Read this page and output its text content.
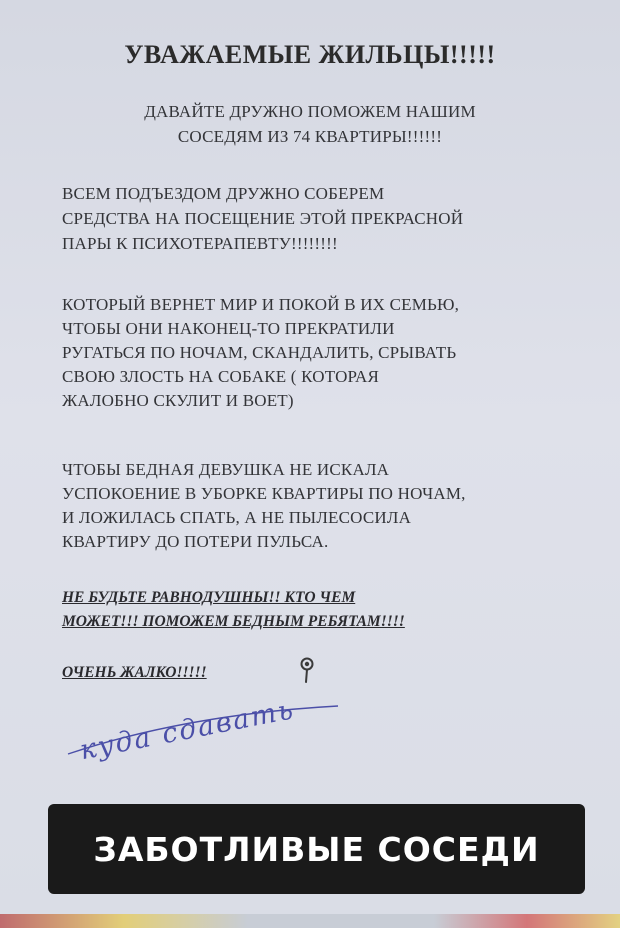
УВАЖАЕМЫЕ ЖИЛЬЦЫ!!!!!
ДАВАЙТЕ ДРУЖНО ПОМОЖЕМ НАШИМ
СОСЕДЯМ ИЗ 74 КВАРТИРЫ!!!!!!
ВСЕМ ПОДЪЕЗДОМ ДРУЖНО СОБЕРЕМ
СРЕДСТВА НА ПОСЕЩЕНИЕ ЭТОЙ ПРЕКРАСНОЙ
ПАРЫ К ПСИХОТЕРАПЕВТУ!!!!!!!!
КОТОРЫЙ ВЕРНЕТ МИР И ПОКОЙ В ИХ СЕМЬЮ,
ЧТОБЫ ОНИ НАКОНЕЦ-ТО ПРЕКРАТИЛИ
РУГАТЬСЯ ПО НОЧАМ, СКАНДАЛИТЬ, СРЫВАТЬ
СВОЮ ЗЛОСТЬ НА СОБАКЕ ( КОТОРАЯ
ЖАЛОБНО СКУЛИТ И ВОЕТ)
ЧТОБЫ БЕДНАЯ ДЕВУШКА НЕ ИСКАЛА
УСПОКОЕНИЕ В УБОРКЕ КВАРТИРЫ ПО НОЧАМ,
И ЛОЖИЛАСЬ СПАТЬ, А НЕ ПЫЛЕСОСИЛА
КВАРТИРУ ДО ПОТЕРИ ПУЛЬСА.
НЕ БУДЬТЕ РАВНОДУШНЫ!! КТО ЧЕМ
МОЖЕТ!!! ПОМОЖЕМ БЕДНЫМ РЕБЯТАМ!!!!
ОЧЕНЬ ЖАЛКО!!!!!
куда сдавать
ЗАБОТЛИВЫЕ СОСЕДИ
